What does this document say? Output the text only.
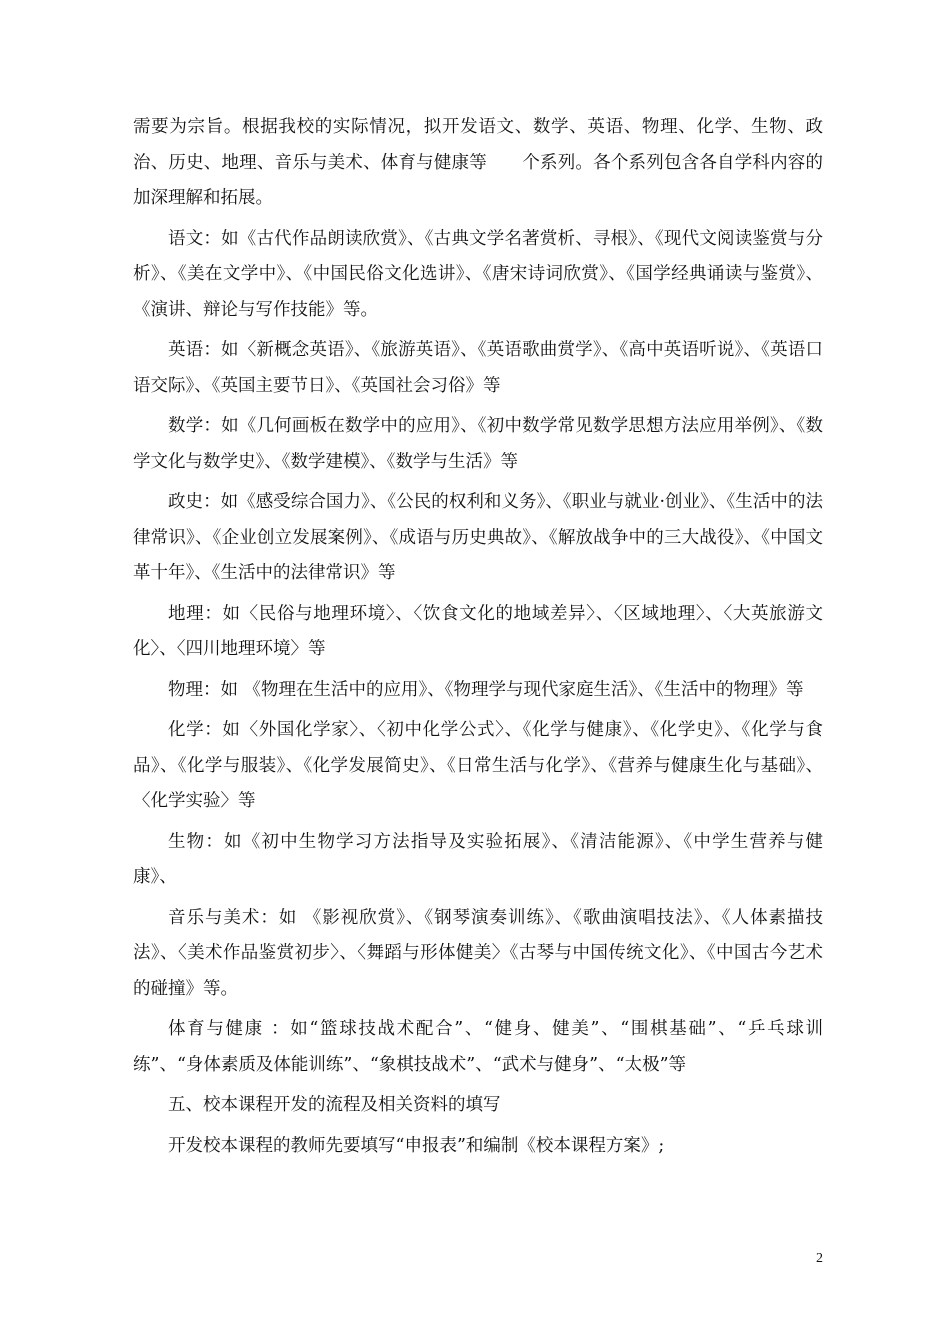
需要为宗旨。根据我校的实际情况，拟开发语文、数学、英语、物理、化学、生物、政治、历史、地理、音乐与美术、体育与健康等　　个系列。各个系列包含各自学科内容的加深理解和拓展。

语文：如《古代作品朗读欣赏》、《古典文学名著赏析、寻根》、《现代文阅读鉴赏与分析》、《美在文学中》、《中国民俗文化选讲》、《唐宋诗词欣赏》、《国学经典诵读与鉴赏》、《演讲、辩论与写作技能》等。

英语：如〈新概念英语》、《旅游英语》、《英语歌曲赏学》、《高中英语听说》、《英语口语交际》、《英国主要节日》、《英国社会习俗》等

数学：如《几何画板在数学中的应用》、《初中数学常见数学思想方法应用举例》、《数学文化与数学史》、《数学建模》、《数学与生活》等

政史：如《感受综合国力》、《公民的权利和义务》、《职业与就业·创业》、《生活中的法律常识》、《企业创立发展案例》、《成语与历史典故》、《解放战争中的三大战役》、《中国文革十年》、《生活中的法律常识》等

地理：如〈民俗与地理环境〉、〈饮食文化的地域差异〉、〈区域地理〉、〈大英旅游文化〉、〈四川地理环境〉等

物理：如 《物理在生活中的应用》、《物理学与现代家庭生活》、《生活中的物理》等

化学：如〈外国化学家〉、〈初中化学公式〉、《化学与健康》、《化学史》、《化学与食品》、《化学与服装》、《化学发展简史》、《日常生活与化学》、《营养与健康生化与基础》、〈化学实验〉等

生物：如《初中生物学习方法指导及实验拓展》、《清洁能源》、《中学生营养与健康》、

音乐与美术：如 《影视欣赏》、《钢琴演奏训练》、《歌曲演唱技法》、《人体素描技法》、〈美术作品鉴赏初步〉、〈舞蹈与形体健美〉《古琴与中国传统文化》、《中国古今艺术的碰撞》等。

体育与健康 ：如“篮球技战术配合”、“健身、健美”、“围棋基础”、“乒乓球训练”、“身体素质及体能训练”、“象棋技战术”、“武术与健身”、“太极”等

五、校本课程开发的流程及相关资料的填写

开发校本课程的教师先要填写“申报表”和编制《校本课程方案》;

2
